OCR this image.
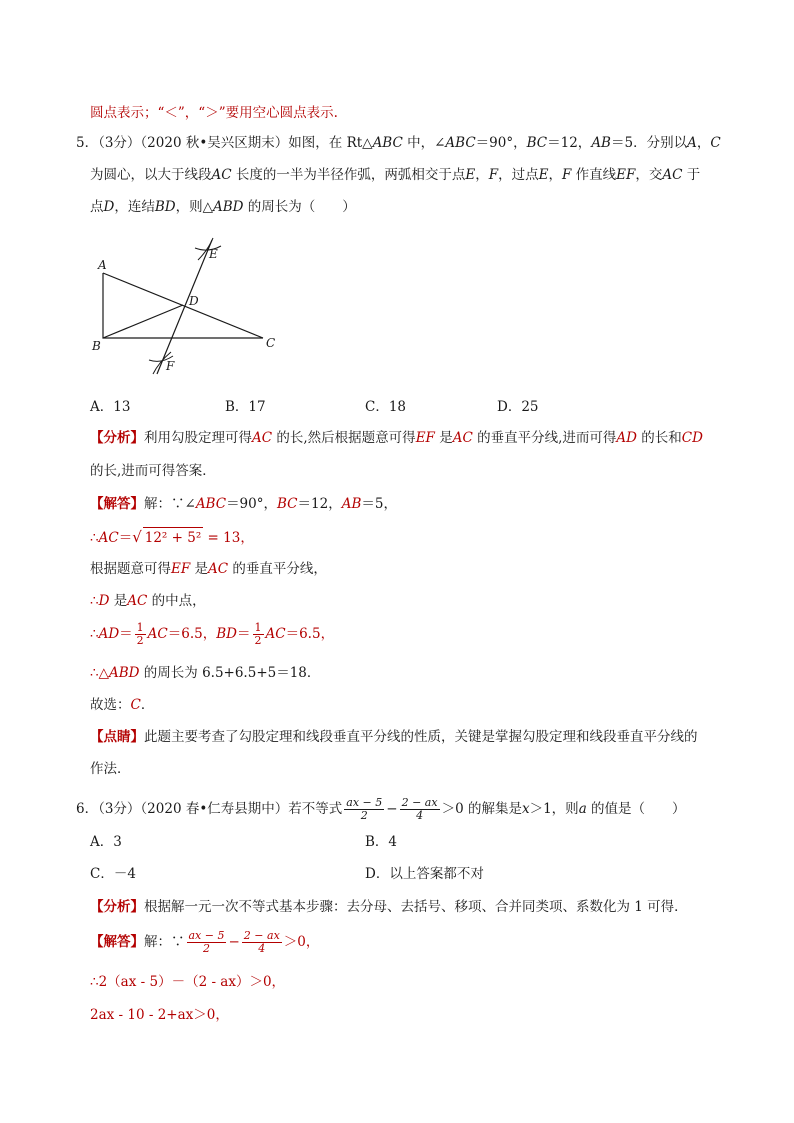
圆点表示；“＜”，“＞”要用空心圆点表示.
5．（3分）（2020 秋•吴兴区期末）如图，在 Rt△ABC 中，∠ABC＝90°，BC＝12，AB＝5．分别以A，C
为圆心，以大于线段AC 长度的一半为半径作弧，两弧相交于点E，F，过点E，F 作直线EF，交AC 于
点D，连结BD，则△ABD 的周长为（　　）
A
B	C
D
E
F
A．13	B．17	C．18	D．25
【分析】利用勾股定理可得AC 的长,然后根据题意可得EF 是AC 的垂直平分线,进而可得AD 的长和CD
的长,进而可得答案．
【解答】解：∵∠ABC＝90°，BC＝12，AB＝5，
∴AC＝√ 12² + 5² = 13，
根据题意可得EF 是AC 的垂直平分线，
∴D 是AC 的中点，
∴AD＝ $\frac{1}{2} AC=6.5$，$BD= \frac{1}{2} AC=6.5$，
∴△ABD 的周长为 6.5+6.5+5＝18．
故选：C．
【点睛】此题主要考查了勾股定理和线段垂直平分线的性质，关键是掌握勾股定理和线段垂直平分线的
作法．
6．（3分）（2020 春•仁寿县期中）若不等式 $\frac{ax - 5}{2} - \frac{2 - ax}{4} >0$ 的解集是x＞1，则a 的值是（　　）
A．3	B．4
C．－4	D．以上答案都不对
【分析】根据解一元一次不等式基本步骤：去分母、去括号、移项、合并同类项、系数化为 1 可得．
【解答】解：∵ $\frac{ax - 5}{2} - \frac{2 - ax}{4} >0$，
∴2（ax - 5）－（2 - ax）＞0，
2ax - 10 - 2+ax＞0，
